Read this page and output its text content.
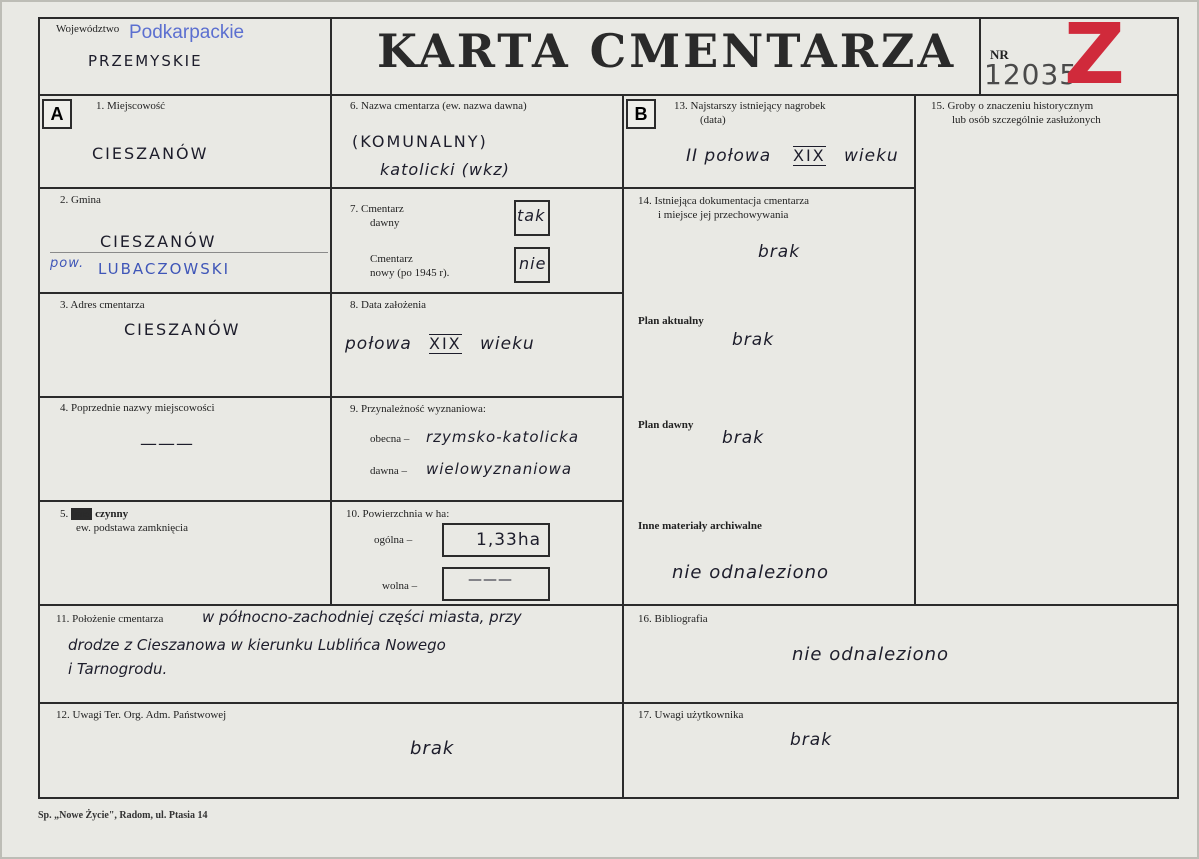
Województwo Podkarpackie
PRZEMYSKIE	KARTA CMENTARZA	NR
12035
Z
A	B
1. Miejscowość
CIESZANÓW
2. Gmina
CIESZANÓW
pow. LUBACZOWSKI
3. Adres cmentarza
CIESZANÓW
4. Poprzednie nazwy miejscowości
———
5. (nie) czynny
ew. podstawa zamknięcia
6. Nazwa cmentarza (ew. nazwa dawna)
(KOMUNALNY)
katolicki (wkz)
7. Cmentarz
dawny	tak
Cmentarz
nowy (po 1945 r).	nie
8. Data założenia
połowa XIX wieku
9. Przynależność wyznaniowa:
obecna – rzymsko-katolicka
dawna – wielowyznaniowa
10. Powierzchnia w ha:
ogólna –	1,33ha
wolna –	———
11. Położenie cmentarza	w północno-zachodniej części miasta, przy
drodze z Cieszanowa w kierunku Lublińca Nowego
i Tarnogrodu.
12. Uwagi Ter. Org. Adm. Państwowej
brak
13. Najstarszy istniejący nagrobek
(data)
II połowa XIX wieku
14. Istniejąca dokumentacja cmentarza
i miejsce jej przechowywania
brak
Plan aktualny
brak
Plan dawny
brak
Inne materiały archiwalne
nie odnaleziono
15. Groby o znaczeniu historycznym
lub osób szczególnie zasłużonych
16. Bibliografia
nie odnaleziono
17. Uwagi użytkownika
brak
Sp. „Nowe Życie", Radom, ul. Ptasia 14
